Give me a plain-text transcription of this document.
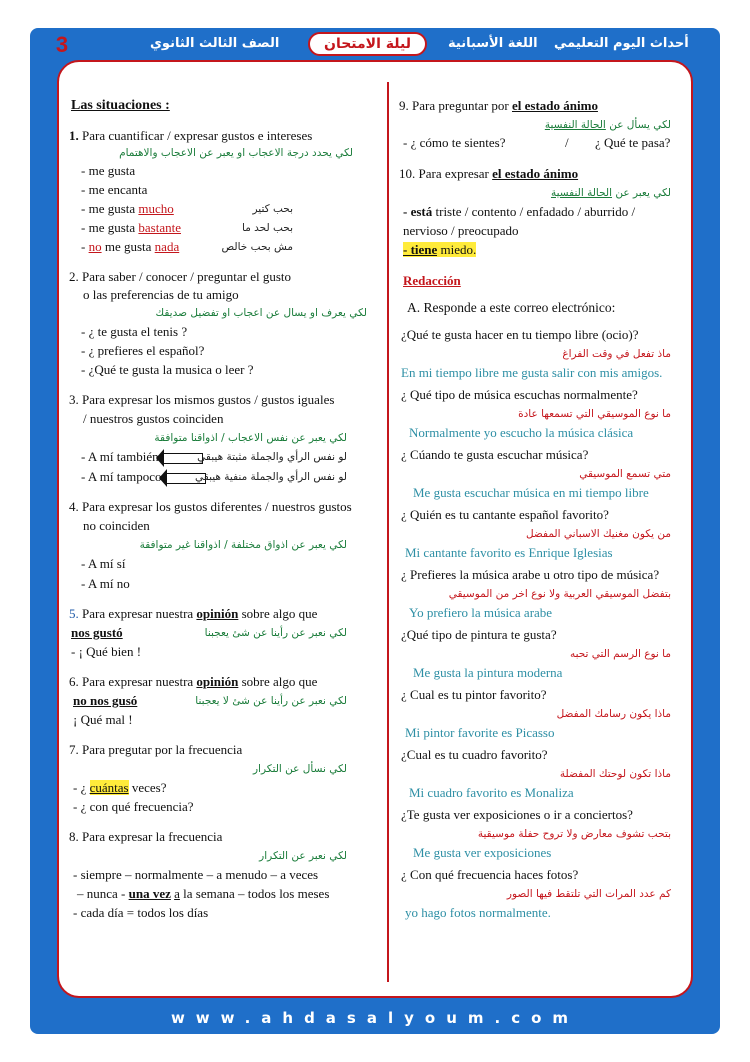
3	الصف الثالث الثانوي	ليلة الامتحان	اللغة الأسبانية أحداث اليوم التعليمي
Las situaciones :
1. Para cuantificar / expresar gustos e intereses
لكي يحدد درجة الاعجاب او يعبر عن الاعجاب والاهتمام
- me gusta
- me encanta
- me gusta mucho	بحب كتير
- me gusta bastante	بحب لحد ما
- no me gusta nada	مش بحب خالص
2. Para saber / conocer / preguntar el gusto
o las preferencias de tu amigo
لكي يعرف او يسال عن اعجاب او تفضيل صديقك
- ¿ te gusta el tenis ?
- ¿ prefieres el español?
- ¿Qué te gusta la musica o leer ?
3. Para expresar los mismos gustos / gustos iguales
/ nuestros gustos coinciden
لكي يعبر عن نفس الاعجاب / اذواقنا متوافقة
- A mí también	لو نفس الرأي والجملة مثبتة هيبقي
- A mí tampoco	لو نفس الرأي والجملة منفية هيبقي
4. Para expresar los gustos diferentes / nuestros gustos
no coinciden
لكي يعبر عن اذواق مختلفة / اذواقنا غير متوافقة
- A mí sí
- A mí no
5. Para expresar nuestra opinión sobre algo que
nos gustó	لكي نعبر عن رأينا عن شئ يعجبنا
- ¡ Qué bien !
6. Para expresar nuestra opinión sobre algo que
no nos gusó	لكي نعبر عن رأينا عن شئ لا يعجبنا
¡ Qué mal !
7. Para pregutar por la frecuencia
لكي نسأل عن التكرار
- ¿ cuántas veces?
- ¿ con qué frecuencia?
8. Para expresar la frecuencia
لكي نعبر عن التكرار
- siempre – normalmente – a menudo – a veces
– nunca - una vez a la semana – todos los meses
- cada día = todos los días
9. Para preguntar por el estado ánimo
لكي يسأل عن الحالة النفسية
- ¿ cómo te sientes?	/ ¿ Qué te pasa?
10. Para expresar el estado ánimo
لكي يعبر عن الحالة النفسية
- está triste / contento / enfadado / aburrido /
nervioso / preocupado
- tiene miedo.
Redacción
A. Responde a este correo electrónico:
¿Qué te gusta hacer en tu tiempo libre (ocio)?
ماذ تفعل في وقت الفراغ
En mi tiempo libre me gusta salir con mis amigos.
¿ Qué tipo de música escuchas normalmente?
ما نوع الموسيقي التي تسمعها عادة
Normalmente yo escucho la música clásica
¿ Cúando te gusta escuchar música?
متي تسمع الموسيقي
Me gusta escuchar música en mi tiempo libre
¿ Quién es tu cantante español favorito?
من يكون مغنيك الاسباني المفضل
Mi cantante favorito es Enrique Iglesias
¿ Prefieres la música arabe u otro tipo de música?
بتفضل الموسيقي العربية ولا نوع اخر من الموسيقي
Yo prefiero la música arabe
¿Qué tipo de pintura te gusta?
ما نوع الرسم التي تحبه
Me gusta la pintura moderna
¿ Cual es tu pintor favorito?
ماذا يكون رسامك المفضل
Mi pintor favorite es Picasso
¿Cual es tu cuadro favorito?
ماذا تكون لوحتك المفضلة
Mi cuadro favorito es Monaliza
¿Te gusta ver exposiciones o ir a conciertos?
بتحب تشوف معارض ولا تروح حفلة موسيقية
Me gusta ver exposiciones
¿ Con qué frecuencia haces fotos?
كم عدد المرات التي تلتقط فيها الصور
yo hago fotos normalmente.
www.ahdasalyoum.com
